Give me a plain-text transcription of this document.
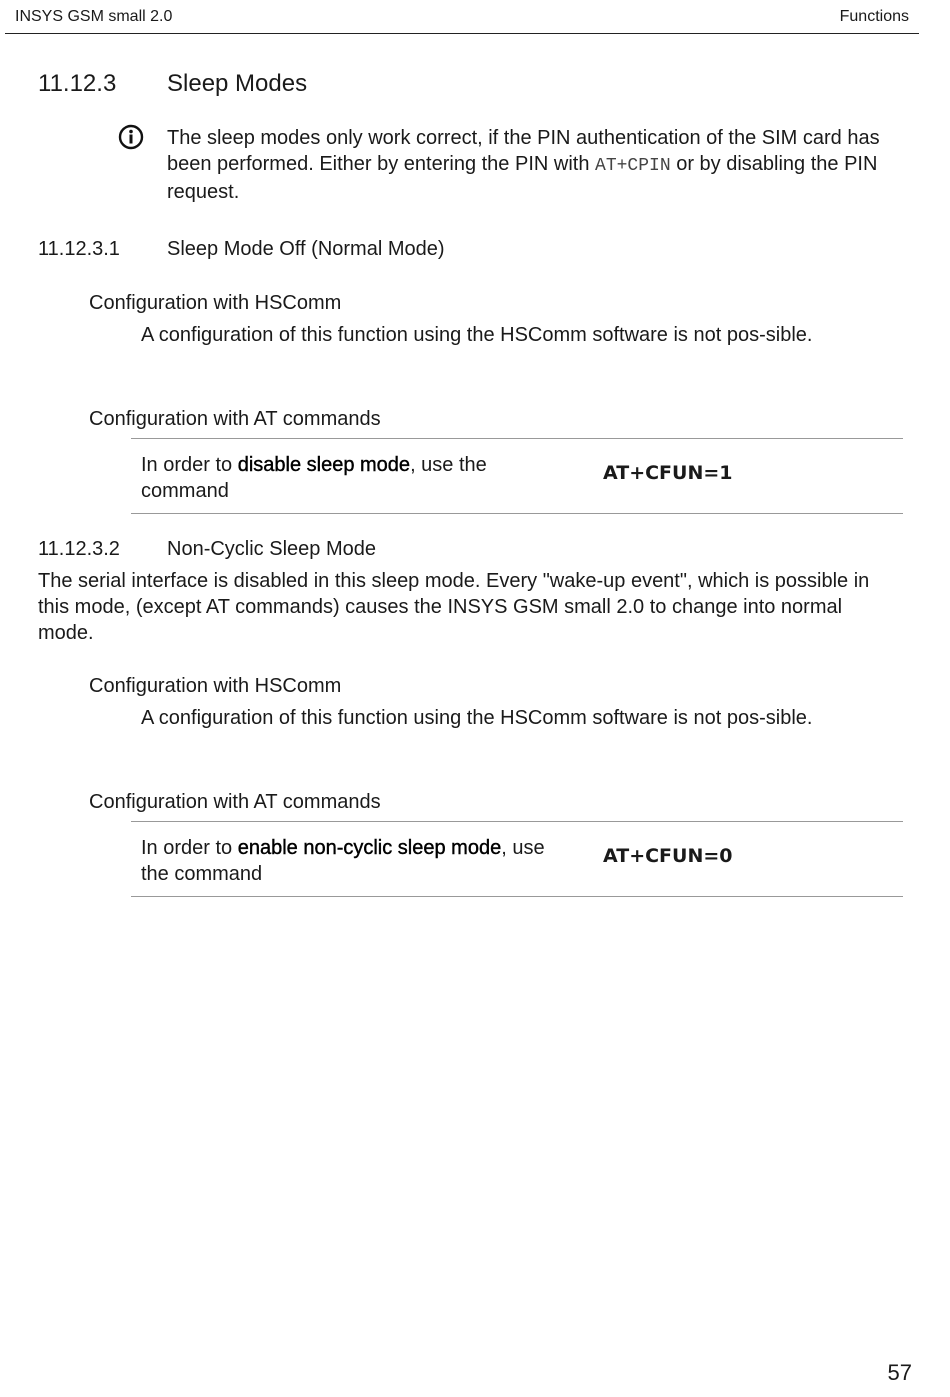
INSYS GSM small 2.0	Functions
11.12.3 Sleep Modes
The sleep modes only work correct, if the PIN authentication of the SIM card has been performed. Either by entering the PIN with AT+CPIN or by disabling the PIN request.
11.12.3.1 Sleep Mode Off (Normal Mode)
Configuration with HSComm
A configuration of this function using the HSComm software is not pos-sible.
Configuration with AT commands
In order to disable sleep mode, use the command
AT+CFUN=1
11.12.3.2 Non-Cyclic Sleep Mode
The serial interface is disabled in this sleep mode. Every "wake-up event", which is possible in this mode, (except AT commands) causes the INSYS GSM small 2.0 to change into normal mode.
Configuration with HSComm
A configuration of this function using the HSComm software is not pos-sible.
Configuration with AT commands
In order to enable non-cyclic sleep mode, use the command
AT+CFUN=0
57
